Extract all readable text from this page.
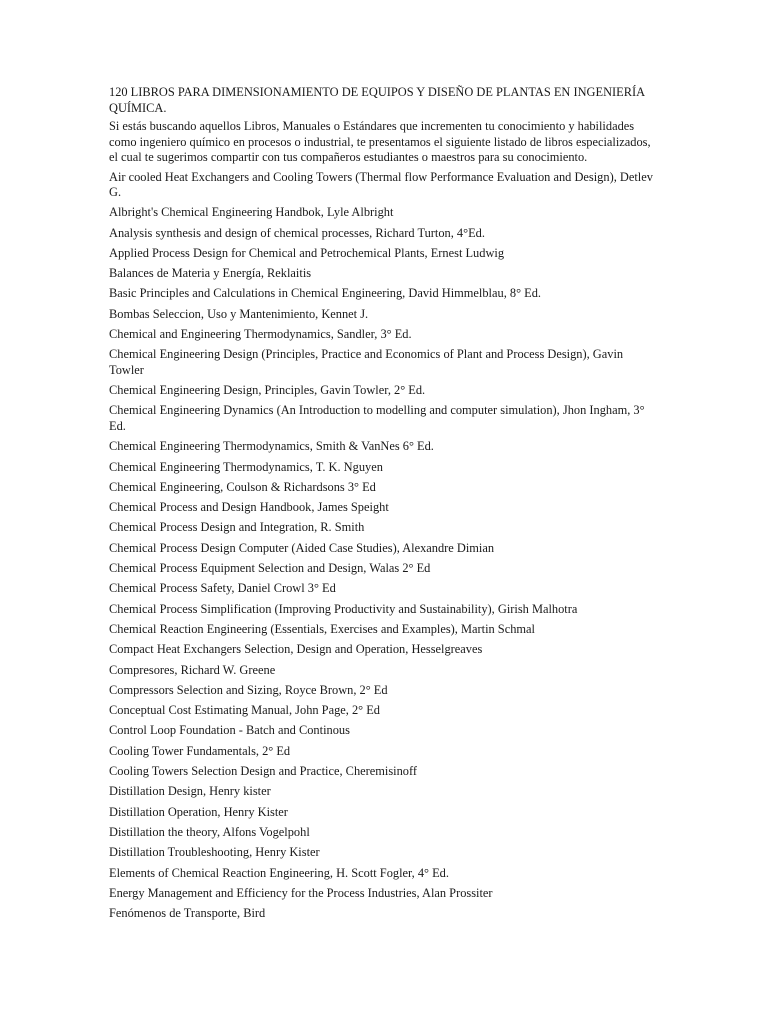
120 LIBROS PARA DIMENSIONAMIENTO DE EQUIPOS Y DISEÑO DE PLANTAS EN INGENIERÍA QUÍMICA.

Si estás buscando aquellos Libros, Manuales o Estándares que incrementen tu conocimiento y habilidades como ingeniero químico en procesos o industrial, te presentamos el siguiente listado de libros especializados, el cual te sugerimos compartir con tus compañeros estudiantes o maestros para su conocimiento.

Air cooled Heat Exchangers and Cooling Towers (Thermal flow Performance Evaluation and Design), Detlev G.
Albright's Chemical Engineering Handbok, Lyle Albright
Analysis synthesis and design of chemical processes, Richard Turton, 4°Ed.
Applied Process Design for Chemical and Petrochemical Plants, Ernest Ludwig
Balances de Materia y Energía, Reklaitis
Basic Principles and Calculations in Chemical Engineering, David Himmelblau, 8° Ed.
Bombas Seleccion, Uso y Mantenimiento, Kennet J.
Chemical and Engineering Thermodynamics, Sandler, 3° Ed.
Chemical Engineering Design (Principles, Practice and Economics of Plant and Process Design), Gavin Towler
Chemical Engineering Design, Principles, Gavin Towler, 2° Ed.
Chemical Engineering Dynamics (An Introduction to modelling and computer simulation), Jhon Ingham, 3° Ed.
Chemical Engineering Thermodynamics, Smith & VanNes 6° Ed.
Chemical Engineering Thermodynamics, T. K. Nguyen
Chemical Engineering, Coulson & Richardsons 3° Ed
Chemical Process and Design Handbook, James Speight
Chemical Process Design and Integration, R. Smith
Chemical Process Design Computer (Aided Case Studies), Alexandre Dimian
Chemical Process Equipment Selection and Design, Walas 2° Ed
Chemical Process Safety, Daniel Crowl 3° Ed
Chemical Process Simplification (Improving Productivity and Sustainability), Girish Malhotra
Chemical Reaction Engineering (Essentials, Exercises and Examples), Martin Schmal
Compact Heat Exchangers Selection, Design and Operation, Hesselgreaves
Compresores, Richard W. Greene
Compressors Selection and Sizing, Royce Brown, 2° Ed
Conceptual Cost Estimating Manual, John Page, 2° Ed
Control Loop Foundation - Batch and Continous
Cooling Tower Fundamentals, 2° Ed
Cooling Towers Selection Design and Practice, Cheremisinoff
Distillation Design, Henry kister
Distillation Operation, Henry Kister
Distillation the theory, Alfons Vogelpohl
Distillation Troubleshooting, Henry Kister
Elements of Chemical Reaction Engineering, H. Scott Fogler, 4° Ed.
Energy Management and Efficiency for the Process Industries, Alan Prossiter
Fenómenos de Transporte, Bird
